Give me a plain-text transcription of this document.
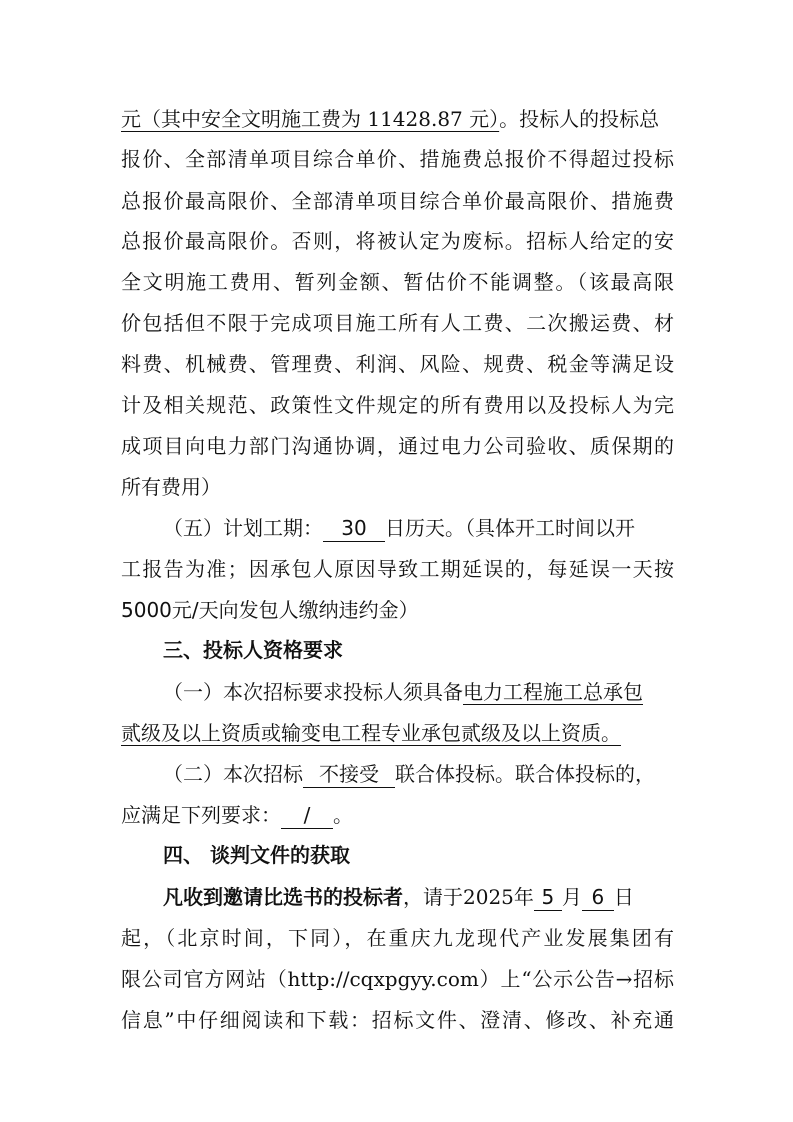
元（其中安全文明施工费为 11428.87 元）。投标人的投标总
报价、全部清单项目综合单价、措施费总报价不得超过投标
总报价最高限价、全部清单项目综合单价最高限价、措施费
总报价最高限价。否则，将被认定为废标。招标人给定的安
全文明施工费用、暂列金额、暂估价不能调整。（该最高限
价包括但不限于完成项目施工所有人工费、二次搬运费、材
料费、机械费、管理费、利润、风险、规费、税金等满足设
计及相关规范、政策性文件规定的所有费用以及投标人为完
成项目向电力部门沟通协调，通过电力公司验收、质保期的
所有费用）
（五）计划工期： 30 日历天。（具体开工时间以开
工报告为准；因承包人原因导致工期延误的，每延误一天按
5000元/天向发包人缴纳违约金）
三、投标人资格要求
（一）本次招标要求投标人须具备电力工程施工总承包
贰级及以上资质或输变电工程专业承包贰级及以上资质。
（二）本次招标 不接受 联合体投标。联合体投标的，
应满足下列要求： / 。
四、 谈判文件的获取
凡收到邀请比选书的投标者，请于2025年 5 月 6 日
起，（北京时间，下同），在重庆九龙现代产业发展集团有
限公司官方网站（http://cqxpgyy.com）上“公示公告→招标
信息”中仔细阅读和下载：招标文件、澄清、修改、补充通
